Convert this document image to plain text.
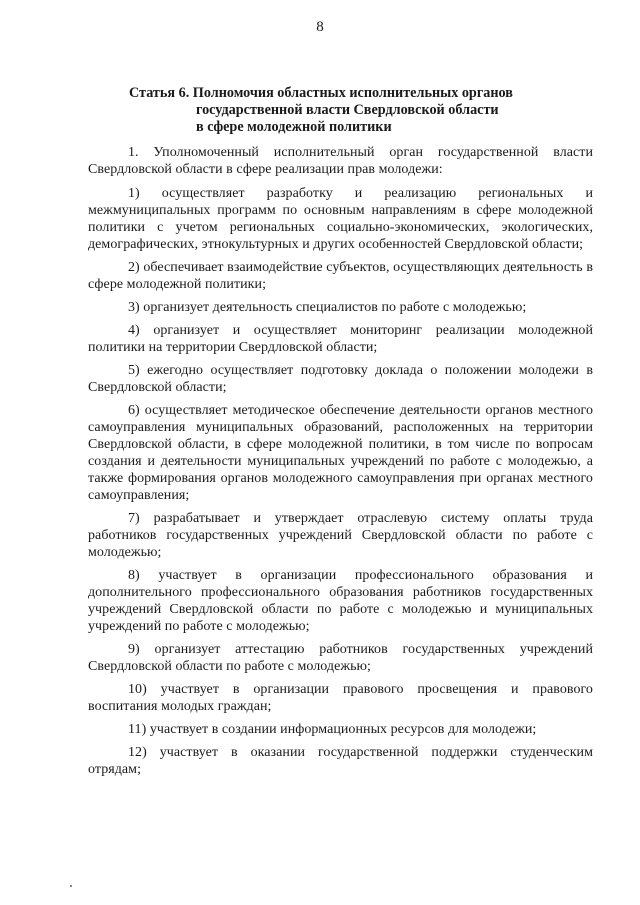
8
Статья 6. Полномочия областных исполнительных органов
государственной власти Свердловской области
в сфере молодежной политики

1. Уполномоченный исполнительный орган государственной власти Свердловской области в сфере реализации прав молодежи:

1) осуществляет разработку и реализацию региональных и межмуниципальных программ по основным направлениям в сфере молодежной политики с учетом региональных социально-экономических, экологических, демографических, этнокультурных и других особенностей Свердловской области;

2) обеспечивает взаимодействие субъектов, осуществляющих деятельность в сфере молодежной политики;

3) организует деятельность специалистов по работе с молодежью;

4) организует и осуществляет мониторинг реализации молодежной политики на территории Свердловской области;

5) ежегодно осуществляет подготовку доклада о положении молодежи в Свердловской области;

6) осуществляет методическое обеспечение деятельности органов местного самоуправления муниципальных образований, расположенных на территории Свердловской области, в сфере молодежной политики, в том числе по вопросам создания и деятельности муниципальных учреждений по работе с молодежью, а также формирования органов молодежного самоуправления при органах местного самоуправления;

7) разрабатывает и утверждает отраслевую систему оплаты труда работников государственных учреждений Свердловской области по работе с молодежью;

8) участвует в организации профессионального образования и дополнительного профессионального образования работников государственных учреждений Свердловской области по работе с молодежью и муниципальных учреждений по работе с молодежью;

9) организует аттестацию работников государственных учреждений Свердловской области по работе с молодежью;

10) участвует в организации правового просвещения и правового воспитания молодых граждан;

11) участвует в создании информационных ресурсов для молодежи;

12) участвует в оказании государственной поддержки студенческим отрядам;
